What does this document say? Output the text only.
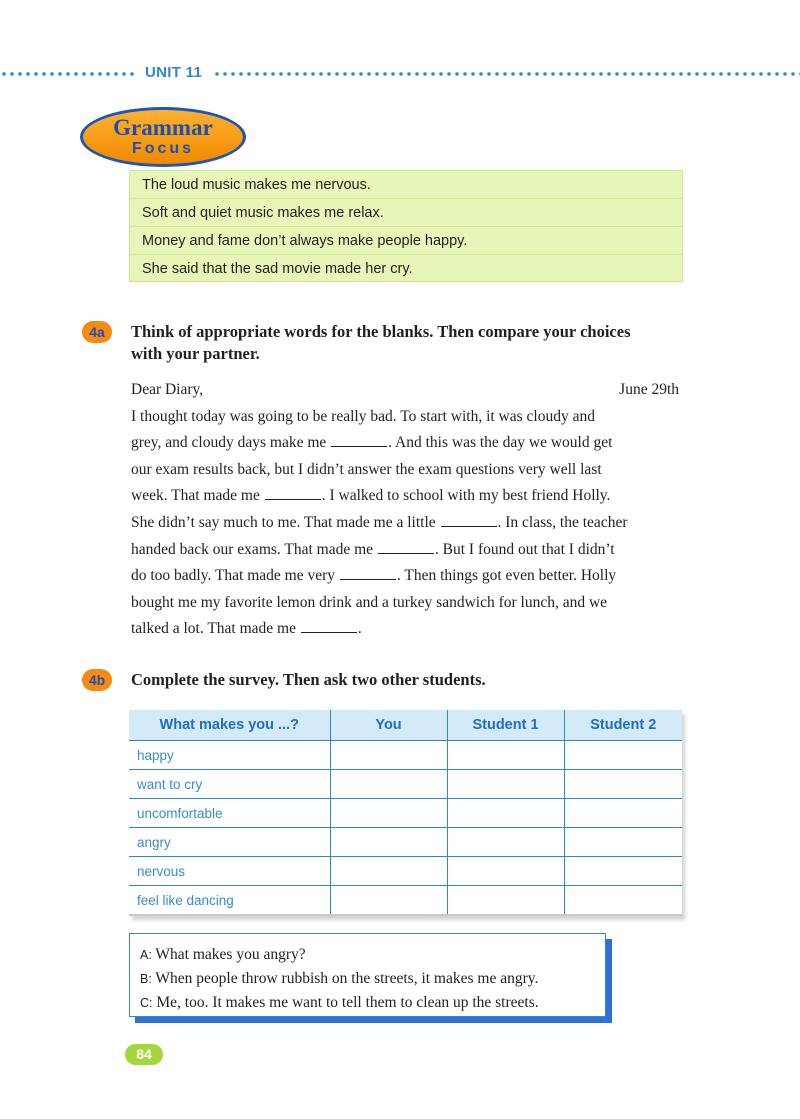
UNIT 11
Grammar
Focus
The loud music makes me nervous.
Soft and quiet music makes me relax.
Money and fame don’t always make people happy.
She said that the sad movie made her cry.
4a	Think of appropriate words for the blanks. Then compare your choices
with your partner.
Dear Diary,	June 29th
I thought today was going to be really bad. To start with, it was cloudy and
grey, and cloudy days make me	. And this was the day we would get
our exam results back, but I didn’t answer the exam questions very well last
week. That made me	. I walked to school with my best friend Holly.
She didn’t say much to me. That made me a little	. In class, the teacher
handed back our exams. That made me	. But I found out that I didn’t
do too badly. That made me very	. Then things got even better. Holly
bought me my favorite lemon drink and a turkey sandwich for lunch, and we
talked a lot. That made me	.
4b	Complete the survey. Then ask two other students.
What makes you ...?	You	Student 1	Student 2
happy			
want to cry			
uncomfortable			
angry			
nervous			
feel like dancing			
A: What makes you angry?
B: When people throw rubbish on the streets, it makes me angry.
C: Me, too. It makes me want to tell them to clean up the streets.
84
